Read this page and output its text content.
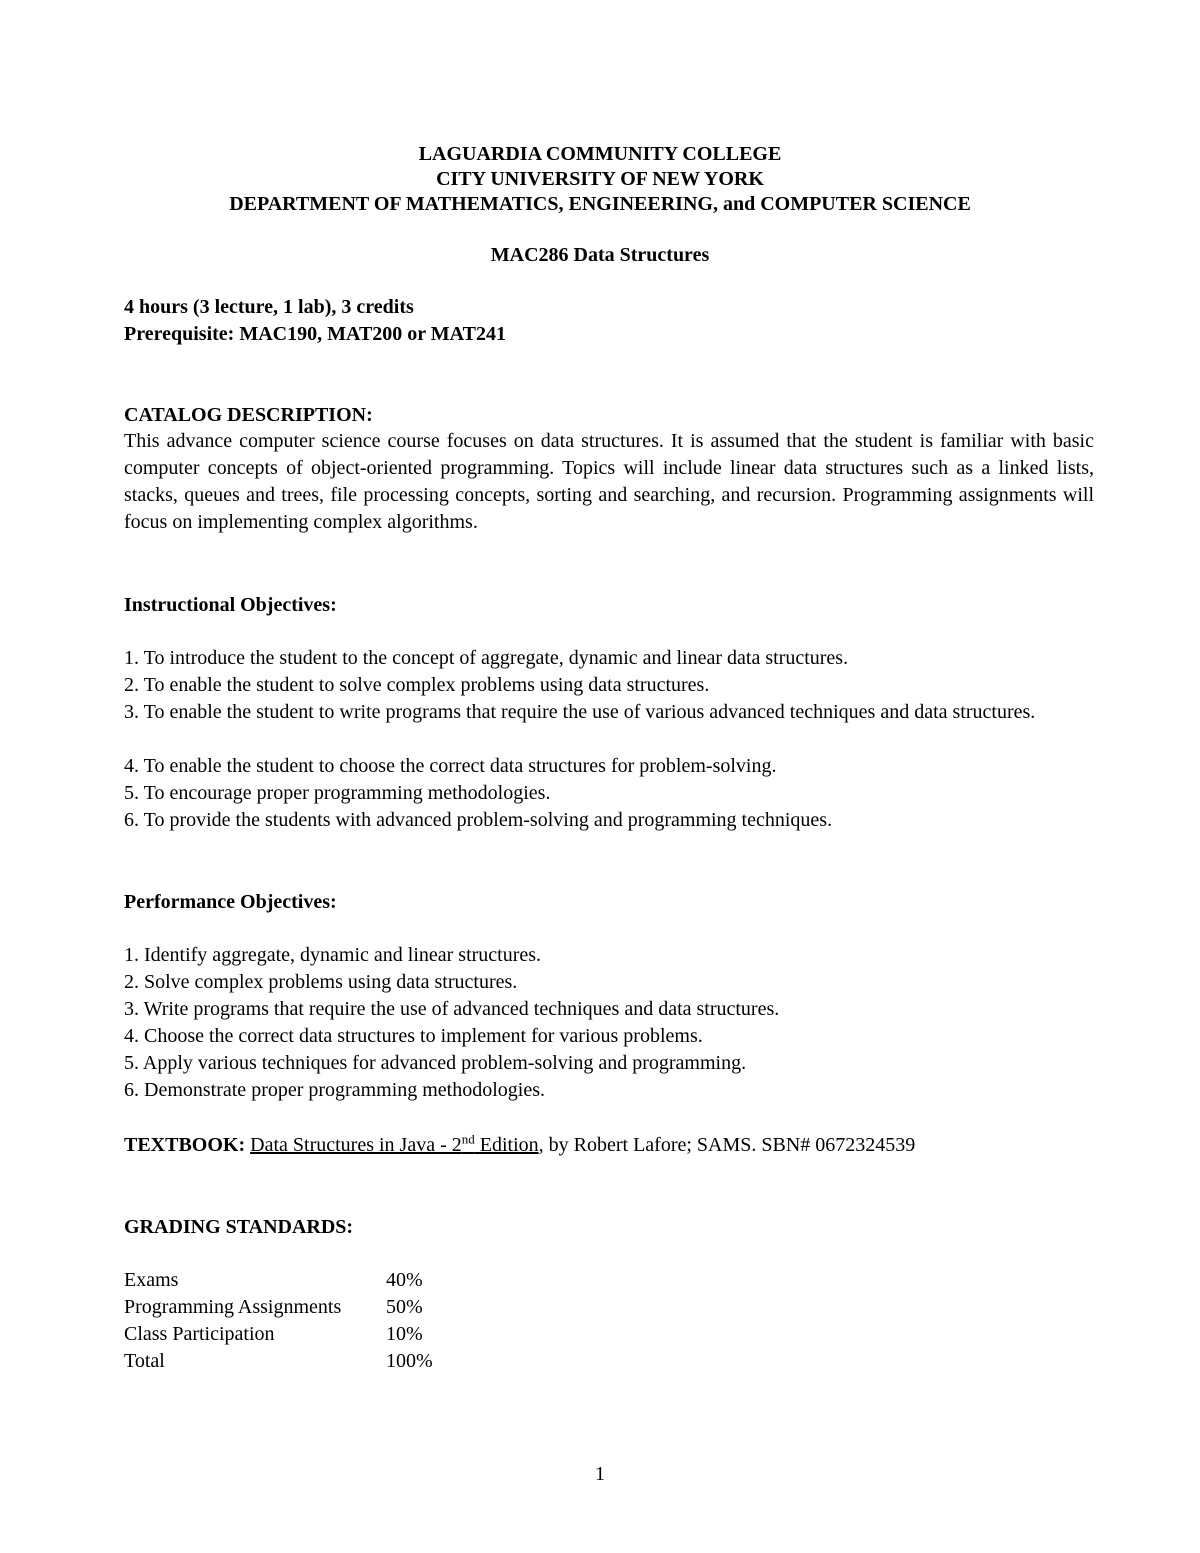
LAGUARDIA COMMUNITY COLLEGE
CITY UNIVERSITY OF NEW YORK
DEPARTMENT OF MATHEMATICS, ENGINEERING, and COMPUTER SCIENCE
MAC286 Data Structures
4 hours (3 lecture, 1 lab), 3 credits
Prerequisite: MAC190, MAT200 or MAT241
CATALOG DESCRIPTION:
This advance computer science course focuses on data structures. It is assumed that the student is familiar with basic computer concepts of object-oriented programming. Topics will include linear data structures such as a linked lists, stacks, queues and trees, file processing concepts, sorting and searching, and recursion. Programming assignments will focus on implementing complex algorithms.
Instructional Objectives:
1. To introduce the student to the concept of aggregate, dynamic and linear data structures.
2. To enable the student to solve complex problems using data structures.
3. To enable the student to write programs that require the use of various advanced techniques and data structures.
4. To enable the student to choose the correct data structures for problem-solving.
5. To encourage proper programming methodologies.
6. To provide the students with advanced problem-solving and programming techniques.
Performance Objectives:
1. Identify aggregate, dynamic and linear structures.
2. Solve complex problems using data structures.
3. Write programs that require the use of advanced techniques and data structures.
4. Choose the correct data structures to implement for various problems.
5. Apply various techniques for advanced problem-solving and programming.
6. Demonstrate proper programming methodologies.
TEXTBOOK: Data Structures in Java - 2nd Edition, by Robert Lafore; SAMS. SBN# 0672324539
GRADING STANDARDS:
Exams	40%
Programming Assignments 50%
Class Participation	10%
Total	100%
1
